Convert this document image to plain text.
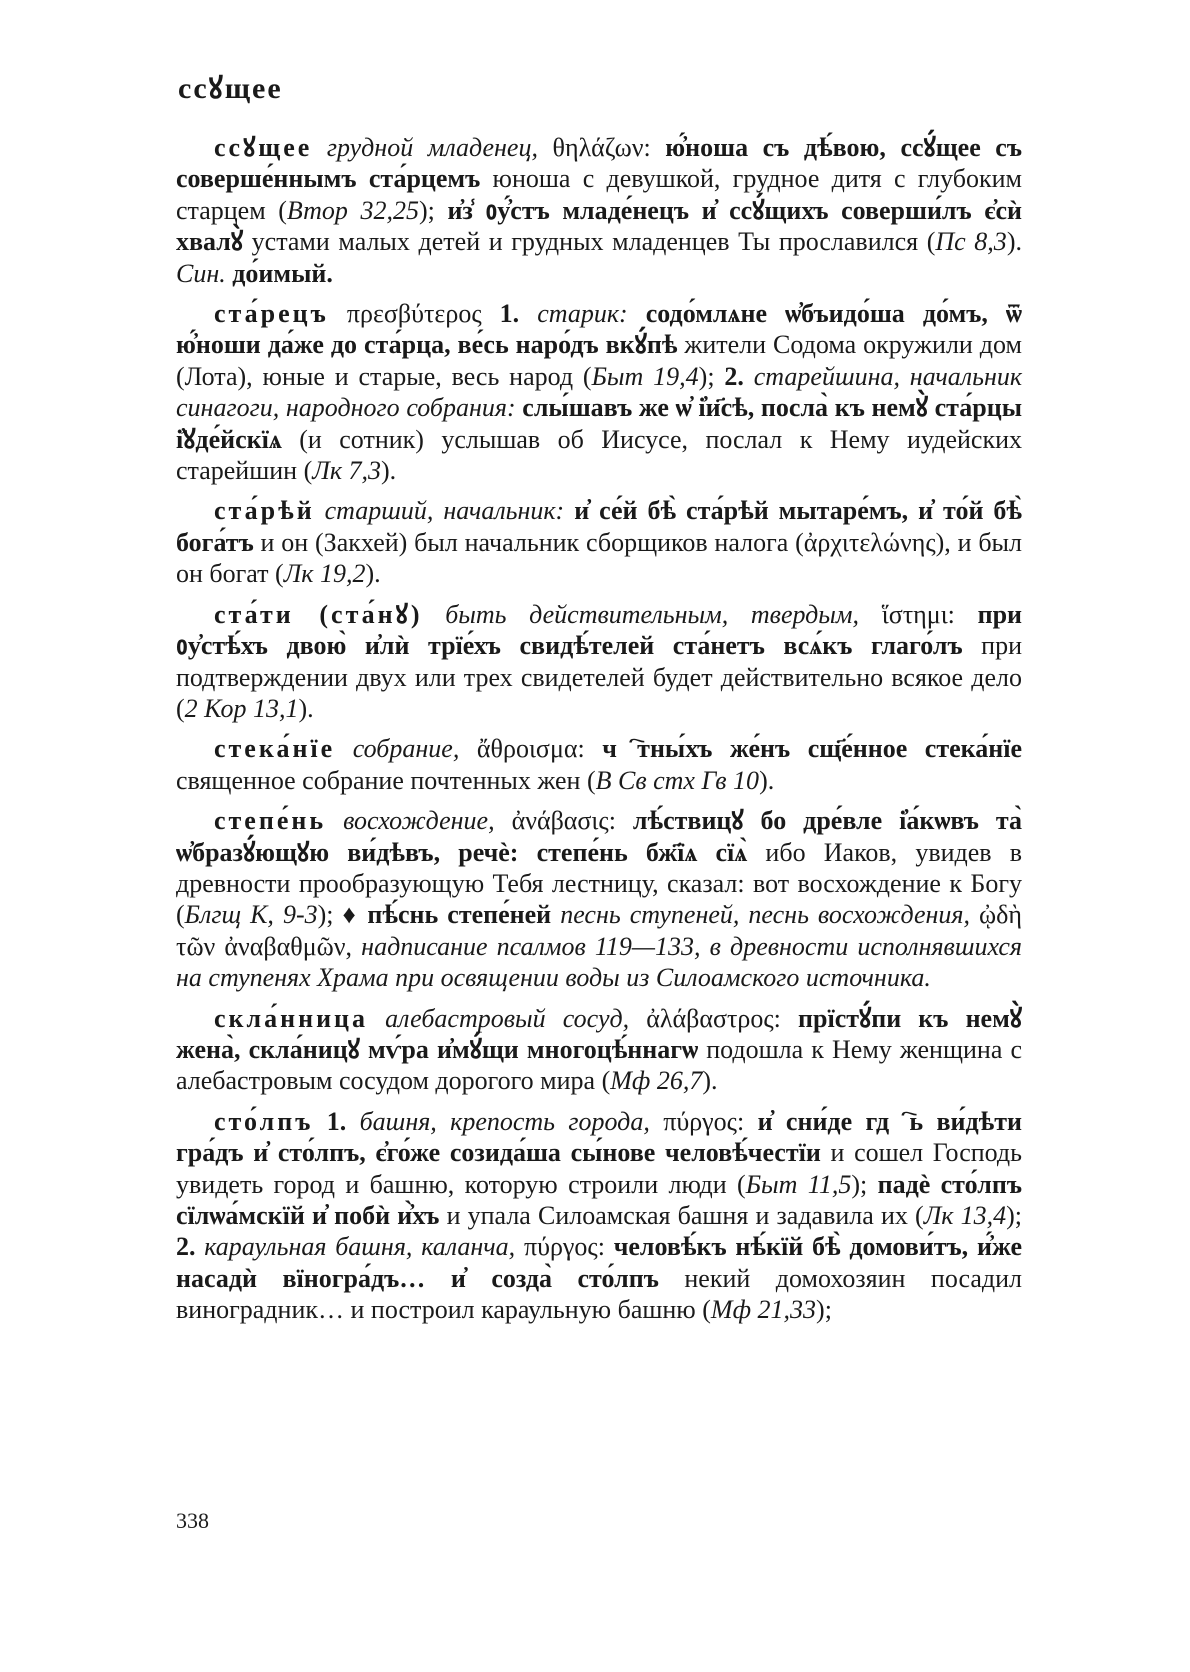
ссꙋщее

ссꙋщее грудной младенец, θηλάζων: ю҆́ноша съ дѣ́вою, ссꙋ́щее съ соверше́ннымъ ста́рцемъ юноша с девушкой, грудное дитя с глубоким старцем (Втор 32,25); и҆з̾ ᲂу҆́стъ младе́нецъ и҆ ссꙋ́щихъ соверши́лъ є҆сѝ хвалꙋ̀ устами малых детей и грудных младенцев Ты прославился (Пс 8,3). Син. до́имый.

ста́рецъ πρεσβύτερος 1. старик: содо́млѧне ѡ҆бъидо́ша до́мъ, ѿ ю҆́ноши да́же до ста́рца, ве́сь наро́дъ вкꙋ́пѣ жители Содома окружили дом (Лота), юные и старые, весь народ (Быт 19,4); 2. старейшина, начальник синагоги, народного собрания: слы́шавъ же ѡ҆ і҆и҃сѣ, посла̀ къ немꙋ̀ ста́рцы і҆ꙋде́йскїѧ (и сотник) услышав об Иисусе, послал к Нему иудейских старейшин (Лк 7,3).

ста́рѣй старший, начальник: и҆ се́й бѣ̀ ста́рѣй мытаре́мъ, и҆ то́й бѣ̀ бога́тъ и он (Закхей) был начальник сборщиков налога (ἀρχιτελώνης), и был он богат (Лк 19,2).

ста́ти (ста́нꙋ) быть действительным, твердым, ἵστημι: при ᲂу҆стѣ́хъ двою̀ и҆лѝ трїе́хъ свидѣ́телей ста́нетъ всѧ́къ глаго́лъ при подтверждении двух или трех свидетелей будет действительно всякое дело (2 Кор 13,1).

стека́нїе собрание, ἄθροισμα: чⷭ҇тны́хъ же́нъ сщ҃е́нное стека́нїе священное собрание почтенных жен (В Св стх Гв 10).

степе́нь восхождение, ἀνάβασις: лѣ́ствицꙋ бо дре́вле і҆а́кѡвъ та̀ ѡ҆бразꙋ́ющꙋю ви́дѣвъ, речѐ: степе́нь бж҃їѧ сїѧ̀ ибо Иаков, увидев в древности прообразующую Тебя лестницу, сказал: вот восхождение к Богу (Блгщ К, 9-3); ♦ пѣ́снь степе́ней песнь ступеней, песнь восхождения, ᾠδὴ τῶν ἀναβαθμῶν, надписание псалмов 119—133, в древности исполнявшихся на ступенях Храма при освящении воды из Силоамского источника.

скла́нница алебастровый сосуд, ἀλάβαστρος: прїстꙋ́пи къ немꙋ̀ жена̀, скла́ницꙋ мѵ́ра и҆мꙋ́щи многоцѣ́ннагѡ подошла к Нему женщина с алебастровым сосудом дорогого мира (Мф 26,7).

сто́лпъ 1. башня, крепость города, πύργος: и҆ сни́де гдⷭ҇ь ви́дѣти гра́дъ и҆ сто́лпъ, є҆го́же созида́ша сы́нове человѣ́честїи и сошел Господь увидеть город и башню, которую строили люди (Быт 11,5); падѐ сто́лпъ сїлѡа́мскїй и҆ побѝ и҆̀хъ и упала Силоамская башня и задавила их (Лк 13,4); 2. караульная башня, каланча, πύργος: человѣ́къ нѣ́кїй бѣ̀ домови́тъ, и҆́же насадѝ вїногра́дъ… и҆ созда̀ сто́лпъ некий домохозяин посадил виноградник… и построил караульную башню (Мф 21,33);

338
